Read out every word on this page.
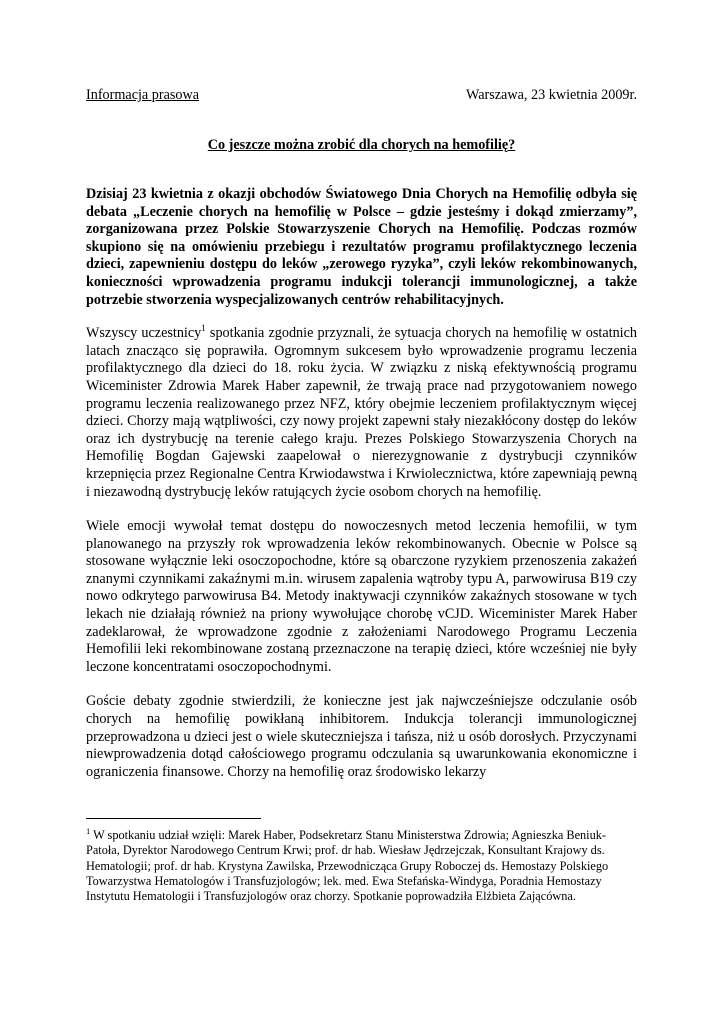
Informacja prasowa	Warszawa, 23 kwietnia 2009r.
Co jeszcze można zrobić dla chorych na hemofilię?

Dzisiaj 23 kwietnia z okazji obchodów Światowego Dnia Chorych na Hemofilię odbyła się debata „Leczenie chorych na hemofilię w Polsce – gdzie jesteśmy i dokąd zmierzamy”, zorganizowana przez Polskie Stowarzyszenie Chorych na Hemofilię. Podczas rozmów skupiono się na omówieniu przebiegu i rezultatów programu profilaktycznego leczenia dzieci, zapewnieniu dostępu do leków „zerowego ryzyka”, czyli leków rekombinowanych, konieczności wprowadzenia programu indukcji tolerancji immunologicznej, a także potrzebie stworzenia wyspecjalizowanych centrów rehabilitacyjnych.

Wszyscy uczestnicy$^1$ spotkania zgodnie przyznali, że sytuacja chorych na hemofilię w ostatnich latach znacząco się poprawiła. Ogromnym sukcesem było wprowadzenie programu leczenia profilaktycznego dla dzieci do 18. roku życia. W związku z niską efektywnością programu Wiceminister Zdrowia Marek Haber zapewnił, że trwają prace nad przygotowaniem nowego programu leczenia realizowanego przez NFZ, który obejmie leczeniem profilaktycznym więcej dzieci. Chorzy mają wątpliwości, czy nowy projekt zapewni stały niezakłócony dostęp do leków oraz ich dystrybucję na terenie całego kraju. Prezes Polskiego Stowarzyszenia Chorych na Hemofilię Bogdan Gajewski zaapelował o nierezygnowanie z dystrybucji czynników krzepnięcia przez Regionalne Centra Krwiodawstwa i Krwiolecznictwa, które zapewniają pewną i niezawodną dystrybucję leków ratujących życie osobom chorych na hemofilię.

Wiele emocji wywołał temat dostępu do nowoczesnych metod leczenia hemofilii, w tym planowanego na przyszły rok wprowadzenia leków rekombinowanych. Obecnie w Polsce są stosowane wyłącznie leki osoczopochodne, które są obarczone ryzykiem przenoszenia zakażeń znanymi czynnikami zakaźnymi m.in. wirusem zapalenia wątroby typu A, parwowirusa B19 czy nowo odkrytego parwowirusa B4. Metody inaktywacji czynników zakaźnych stosowane w tych lekach nie działają również na priony wywołujące chorobę vCJD. Wiceminister Marek Haber zadeklarował, że wprowadzone zgodnie z założeniami Narodowego Programu Leczenia Hemofilii leki rekombinowane zostaną przeznaczone na terapię dzieci, które wcześniej nie były leczone koncentratami osoczopochodnymi.

Goście debaty zgodnie stwierdzili, że konieczne jest jak najwcześniejsze odczulanie osób chorych na hemofilię powikłaną inhibitorem. Indukcja tolerancji immunologicznej przeprowadzona u dzieci jest o wiele skuteczniejsza i tańsza, niż u osób dorosłych. Przyczynami niewprowadzenia dotąd całościowego programu odczulania są uwarunkowania ekonomiczne i ograniczenia finansowe. Chorzy na hemofilię oraz środowisko lekarzy

$^1$ W spotkaniu udział wzięli: Marek Haber, Podsekretarz Stanu Ministerstwa Zdrowia; Agnieszka Beniuk-Patoła, Dyrektor Narodowego Centrum Krwi; prof. dr hab. Wiesław Jędrzejczak, Konsultant Krajowy ds. Hematologii; prof. dr hab. Krystyna Zawilska, Przewodnicząca Grupy Roboczej ds. Hemostazy Polskiego Towarzystwa Hematologów i Transfuzjologów; lek. med. Ewa Stefańska-Windyga, Poradnia Hemostazy Instytutu Hematologii i Transfuzjologów oraz chorzy. Spotkanie poprowadziła Elżbieta Zającówna.
